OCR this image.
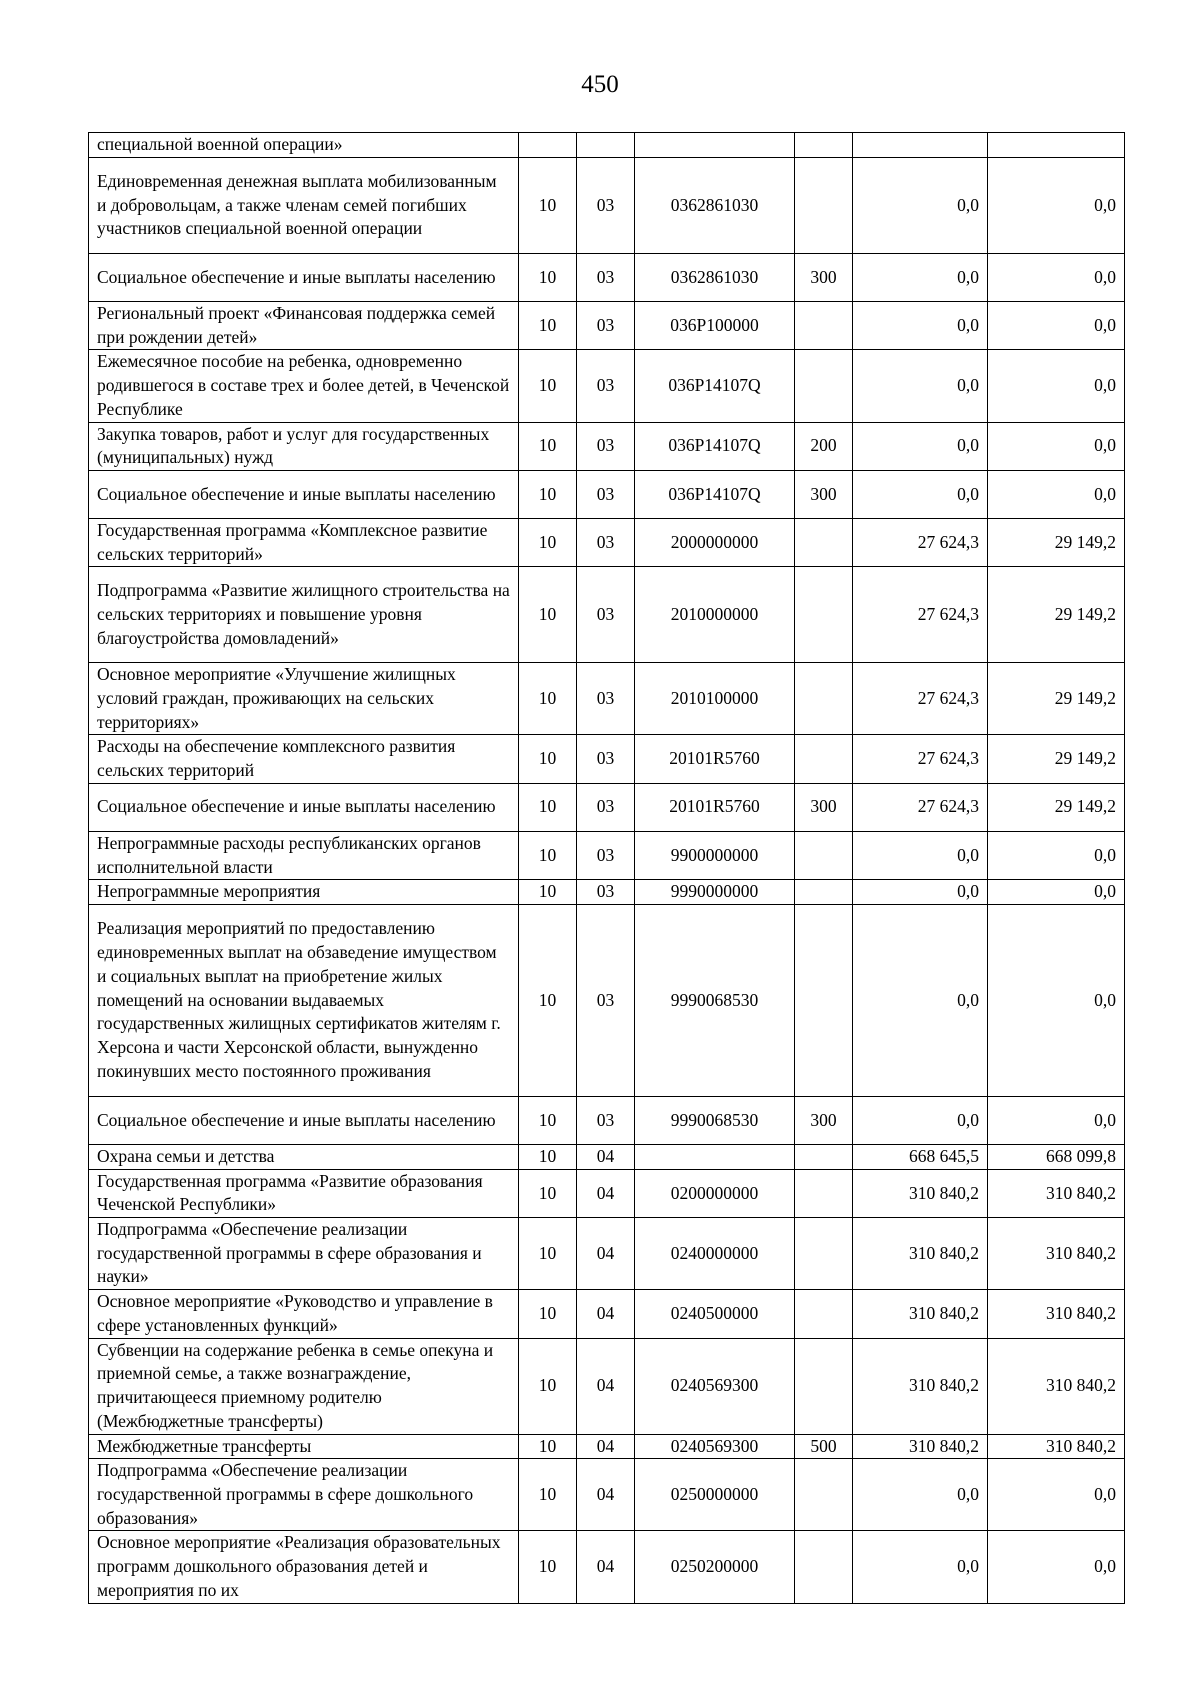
450
специальной военной операции»						
Единовременная денежная выплата мобилизованным и добровольцам, а также членам семей погибших участников специальной военной операции	10	03	0362861030		0,0	0,0
Социальное обеспечение и иные выплаты населению	10	03	0362861030	300	0,0	0,0
Региональный проект «Финансовая поддержка семей при рождении детей»	10	03	036P100000		0,0	0,0
Ежемесячное пособие на ребенка, одновременно родившегося в составе трех и более детей, в Чеченской Республике	10	03	036P14107Q		0,0	0,0
Закупка товаров, работ и услуг для государственных (муниципальных) нужд	10	03	036P14107Q	200	0,0	0,0
Социальное обеспечение и иные выплаты населению	10	03	036P14107Q	300	0,0	0,0
Государственная программа «Комплексное развитие сельских территорий»	10	03	2000000000		27 624,3	29 149,2
Подпрограмма «Развитие жилищного строительства на сельских территориях и повышение уровня благоустройства домовладений»	10	03	2010000000		27 624,3	29 149,2
Основное мероприятие «Улучшение жилищных условий граждан, проживающих на сельских территориях»	10	03	2010100000		27 624,3	29 149,2
Расходы на обеспечение комплексного развития сельских территорий	10	03	20101R5760		27 624,3	29 149,2
Социальное обеспечение и иные выплаты населению	10	03	20101R5760	300	27 624,3	29 149,2
Непрограммные расходы республиканских органов исполнительной власти	10	03	9900000000		0,0	0,0
Непрограммные мероприятия	10	03	9990000000		0,0	0,0
Реализация мероприятий по предоставлению единовременных выплат на обзаведение имуществом и социальных выплат на приобретение жилых помещений на основании выдаваемых государственных жилищных сертификатов жителям г. Херсона и части Херсонской области, вынужденно покинувших место постоянного проживания	10	03	9990068530		0,0	0,0
Социальное обеспечение и иные выплаты населению	10	03	9990068530	300	0,0	0,0
Охрана семьи и детства	10	04			668 645,5	668 099,8
Государственная программа «Развитие образования Чеченской Республики»	10	04	0200000000		310 840,2	310 840,2
Подпрограмма «Обеспечение реализации государственной программы в сфере образования и науки»	10	04	0240000000		310 840,2	310 840,2
Основное мероприятие «Руководство и управление в сфере установленных функций»	10	04	0240500000		310 840,2	310 840,2
Субвенции на содержание ребенка в семье опекуна и приемной семье, а также вознаграждение, причитающееся приемному родителю (Межбюджетные трансферты)	10	04	0240569300		310 840,2	310 840,2
Межбюджетные трансферты	10	04	0240569300	500	310 840,2	310 840,2
Подпрограмма «Обеспечение реализации государственной программы в сфере дошкольного образования»	10	04	0250000000		0,0	0,0
Основное мероприятие «Реализация образовательных программ дошкольного образования детей и мероприятия по их	10	04	0250200000		0,0	0,0
